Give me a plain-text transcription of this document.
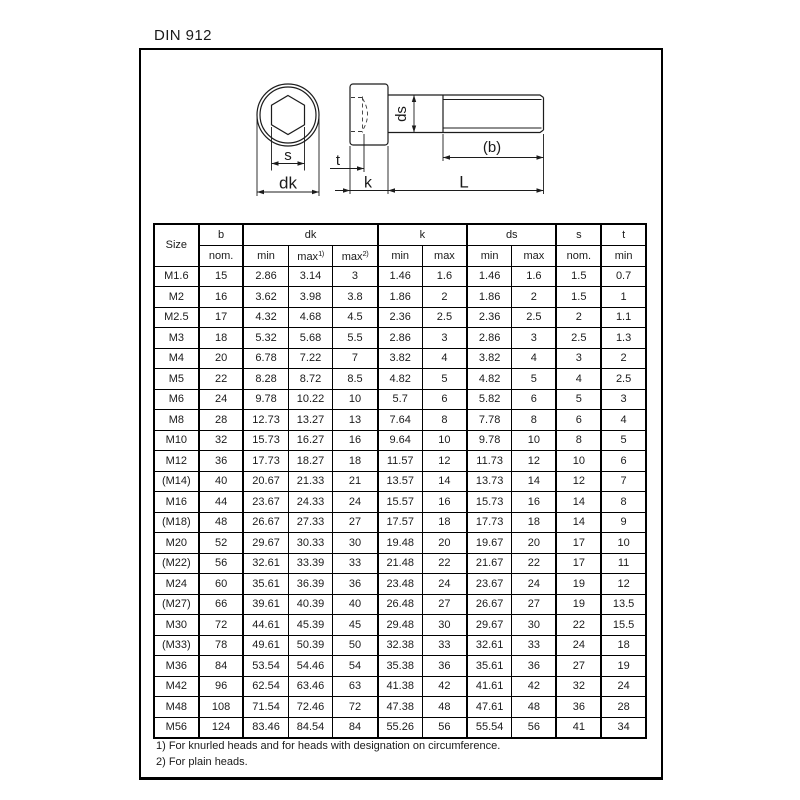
DIN 912
s
dk
t
k	L
ds
(b)
Size	b	dk			k		ds		s	t
	nom.	min	$\max^{1)}$	$\max^{2)}$	min	max	min	max	nom.	min
M1.6	15	2.86	3.14	3	1.46	1.6	1.46	1.6	1.5	0.7
M2	16	3.62	3.98	3.8	1.86	2	1.86	2	1.5	1
M2.5	17	4.32	4.68	4.5	2.36	2.5	2.36	2.5	2	1.1
M3	18	5.32	5.68	5.5	2.86	3	2.86	3	2.5	1.3
M4	20	6.78	7.22	7	3.82	4	3.82	4	3	2
M5	22	8.28	8.72	8.5	4.82	5	4.82	5	4	2.5
M6	24	9.78	10.22	10	5.7	6	5.82	6	5	3
M8	28	12.73	13.27	13	7.64	8	7.78	8	6	4
M10	32	15.73	16.27	16	9.64	10	9.78	10	8	5
M12	36	17.73	18.27	18	11.57	12	11.73	12	10	6
(M14)	40	20.67	21.33	21	13.57	14	13.73	14	12	7
M16	44	23.67	24.33	24	15.57	16	15.73	16	14	8
(M18)	48	26.67	27.33	27	17.57	18	17.73	18	14	9
M20	52	29.67	30.33	30	19.48	20	19.67	20	17	10
(M22)	56	32.61	33.39	33	21.48	22	21.67	22	17	11
M24	60	35.61	36.39	36	23.48	24	23.67	24	19	12
(M27)	66	39.61	40.39	40	26.48	27	26.67	27	19	13.5
M30	72	44.61	45.39	45	29.48	30	29.67	30	22	15.5
(M33)	78	49.61	50.39	50	32.38	33	32.61	33	24	18
M36	84	53.54	54.46	54	35.38	36	35.61	36	27	19
M42	96	62.54	63.46	63	41.38	42	41.61	42	32	24
M48	108	71.54	72.46	72	47.38	48	47.61	48	36	28
M56	124	83.46	84.54	84	55.26	56	55.54	56	41	34
1) For knurled heads and for heads with designation on circumference.
2) For plain heads.
